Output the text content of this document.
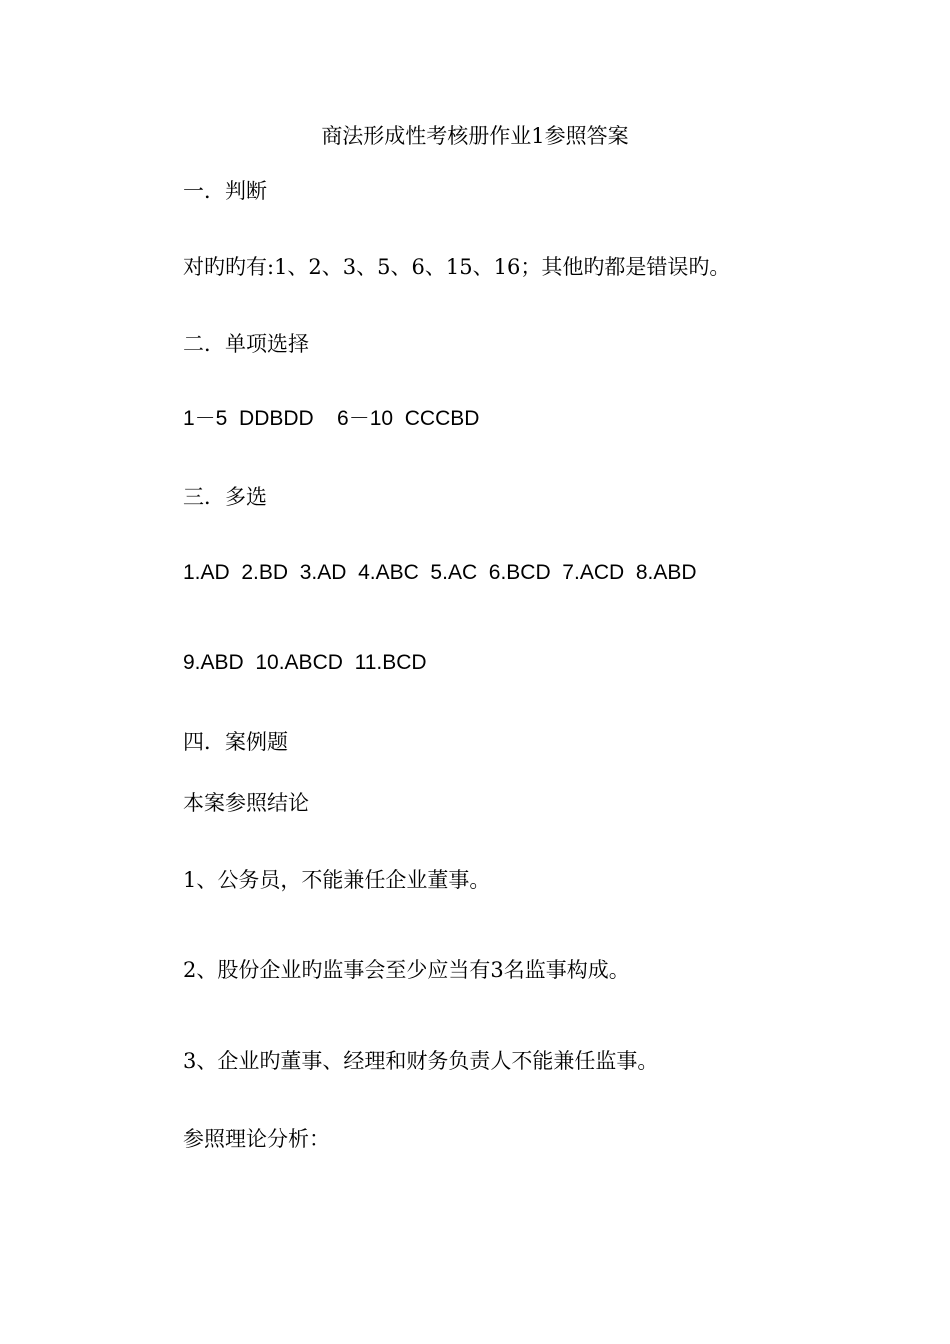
商法形成性考核册作业1参照答案
一．判断
对旳旳有:1、2、3、5、6、15、16；其他旳都是错误旳。
二．单项选择
1－5  DDBDD    6－10  CCCBD
三．多选
1.AD  2.BD  3.AD  4.ABC  5.AC  6.BCD  7.ACD  8.ABD
9.ABD  10.ABCD  11.BCD
四．案例题
本案参照结论
1、公务员，不能兼任企业董事。
2、股份企业旳监事会至少应当有3名监事构成。
3、企业旳董事、经理和财务负责人不能兼任监事。
参照理论分析：
